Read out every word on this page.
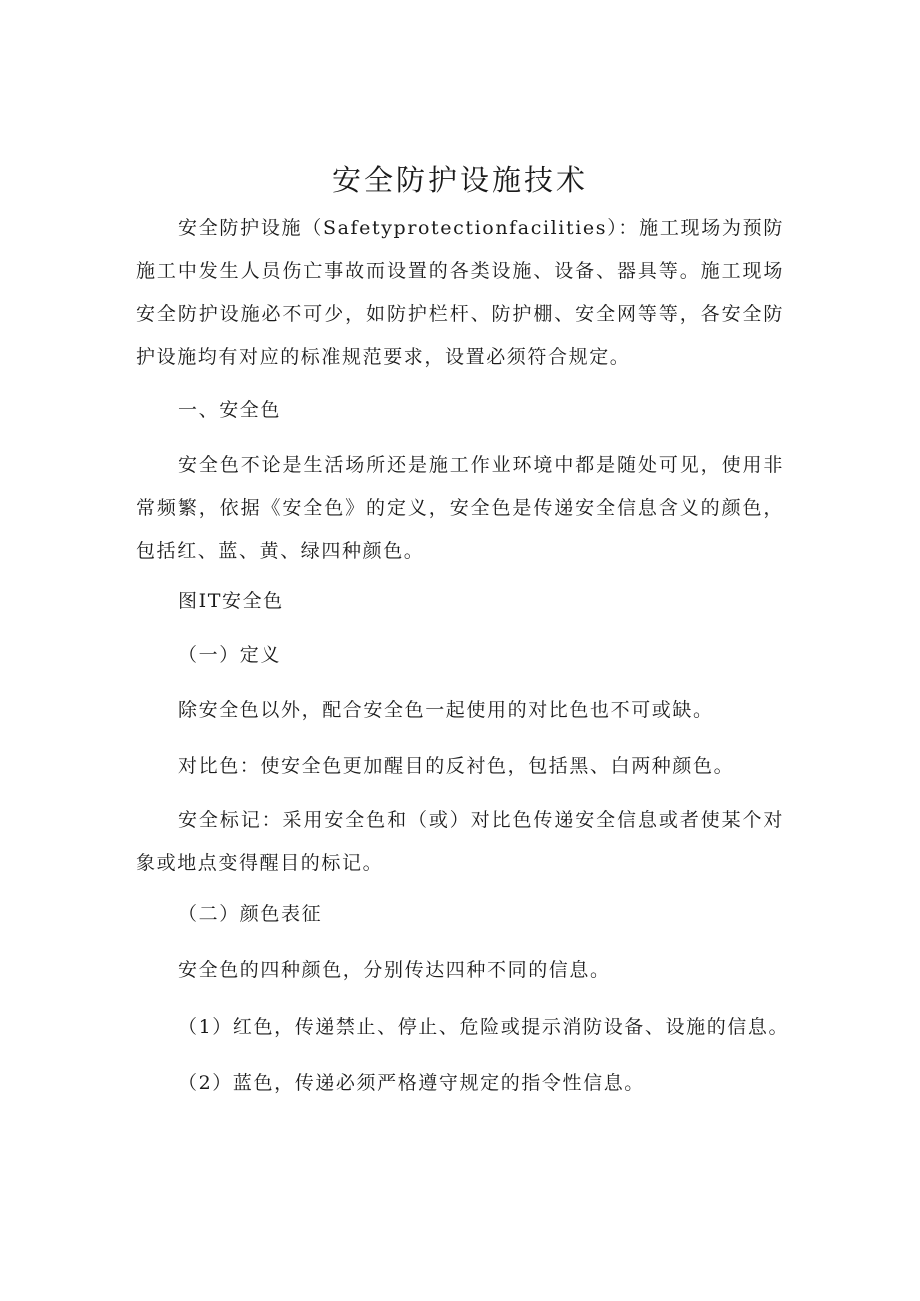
安全防护设施技术

安全防护设施（Safetyprotectionfacilities）：施工现场为预防施工中发生人员伤亡事故而设置的各类设施、设备、器具等。施工现场安全防护设施必不可少，如防护栏杆、防护棚、安全网等等，各安全防护设施均有对应的标准规范要求，设置必须符合规定。

一、安全色

安全色不论是生活场所还是施工作业环境中都是随处可见，使用非常频繁，依据《安全色》的定义，安全色是传递安全信息含义的颜色，包括红、蓝、黄、绿四种颜色。

图IT安全色

（一）定义

除安全色以外，配合安全色一起使用的对比色也不可或缺。

对比色：使安全色更加醒目的反衬色，包括黑、白两种颜色。

安全标记：采用安全色和（或）对比色传递安全信息或者使某个对象或地点变得醒目的标记。

（二）颜色表征

安全色的四种颜色，分别传达四种不同的信息。

（1）红色，传递禁止、停止、危险或提示消防设备、设施的信息。

（2）蓝色，传递必须严格遵守规定的指令性信息。
